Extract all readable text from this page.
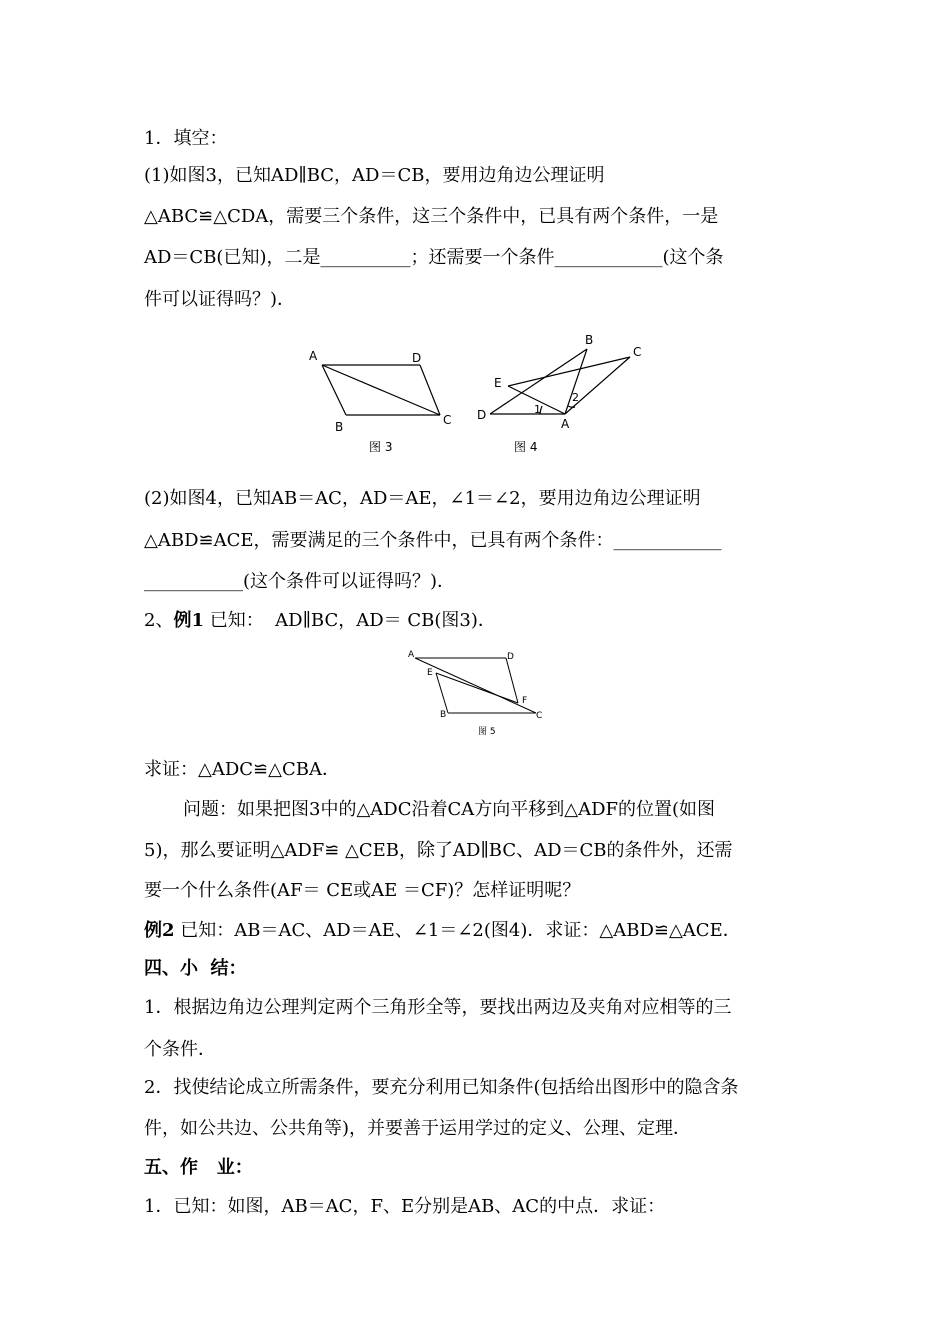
1．填空：
(1)如图3，已知AD∥BC，AD＝CB，要用边角边公理证明
△ABC≌△CDA，需要三个条件，这三个条件中，已具有两个条件，一是
AD＝CB(已知)，二是__________；还需要一个条件____________(这个条
件可以证得吗？)．
A	D
C
B
图 3
B
C
E
D
A
1
2
图 4
(2)如图4，已知AB＝AC，AD＝AE，∠1＝∠2，要用边角边公理证明
△ABD≌ACE，需要满足的三个条件中，已具有两个条件：____________
___________(这个条件可以证得吗？)．
2、例1 已知：  AD∥BC，AD＝ CB(图3)．
A	D
E
F
B	C
图 5
求证：△ADC≌△CBA．
问题：如果把图3中的△ADC沿着CA方向平移到△ADF的位置(如图
5)，那么要证明△ADF≌ △CEB，除了AD∥BC、AD＝CB的条件外，还需
要一个什么条件(AF＝ CE或AE ＝CF)？怎样证明呢？
例2 已知：AB＝AC、AD＝AE、∠1＝∠2(图4)．求证：△ABD≌△ACE．
四、小  结：
1．根据边角边公理判定两个三角形全等，要找出两边及夹角对应相等的三
个条件．
2．找使结论成立所需条件，要充分利用已知条件(包括给出图形中的隐含条
件，如公共边、公共角等)，并要善于运用学过的定义、公理、定理．
五、作   业：
1．已知：如图，AB＝AC，F、E分别是AB、AC的中点．求证：
